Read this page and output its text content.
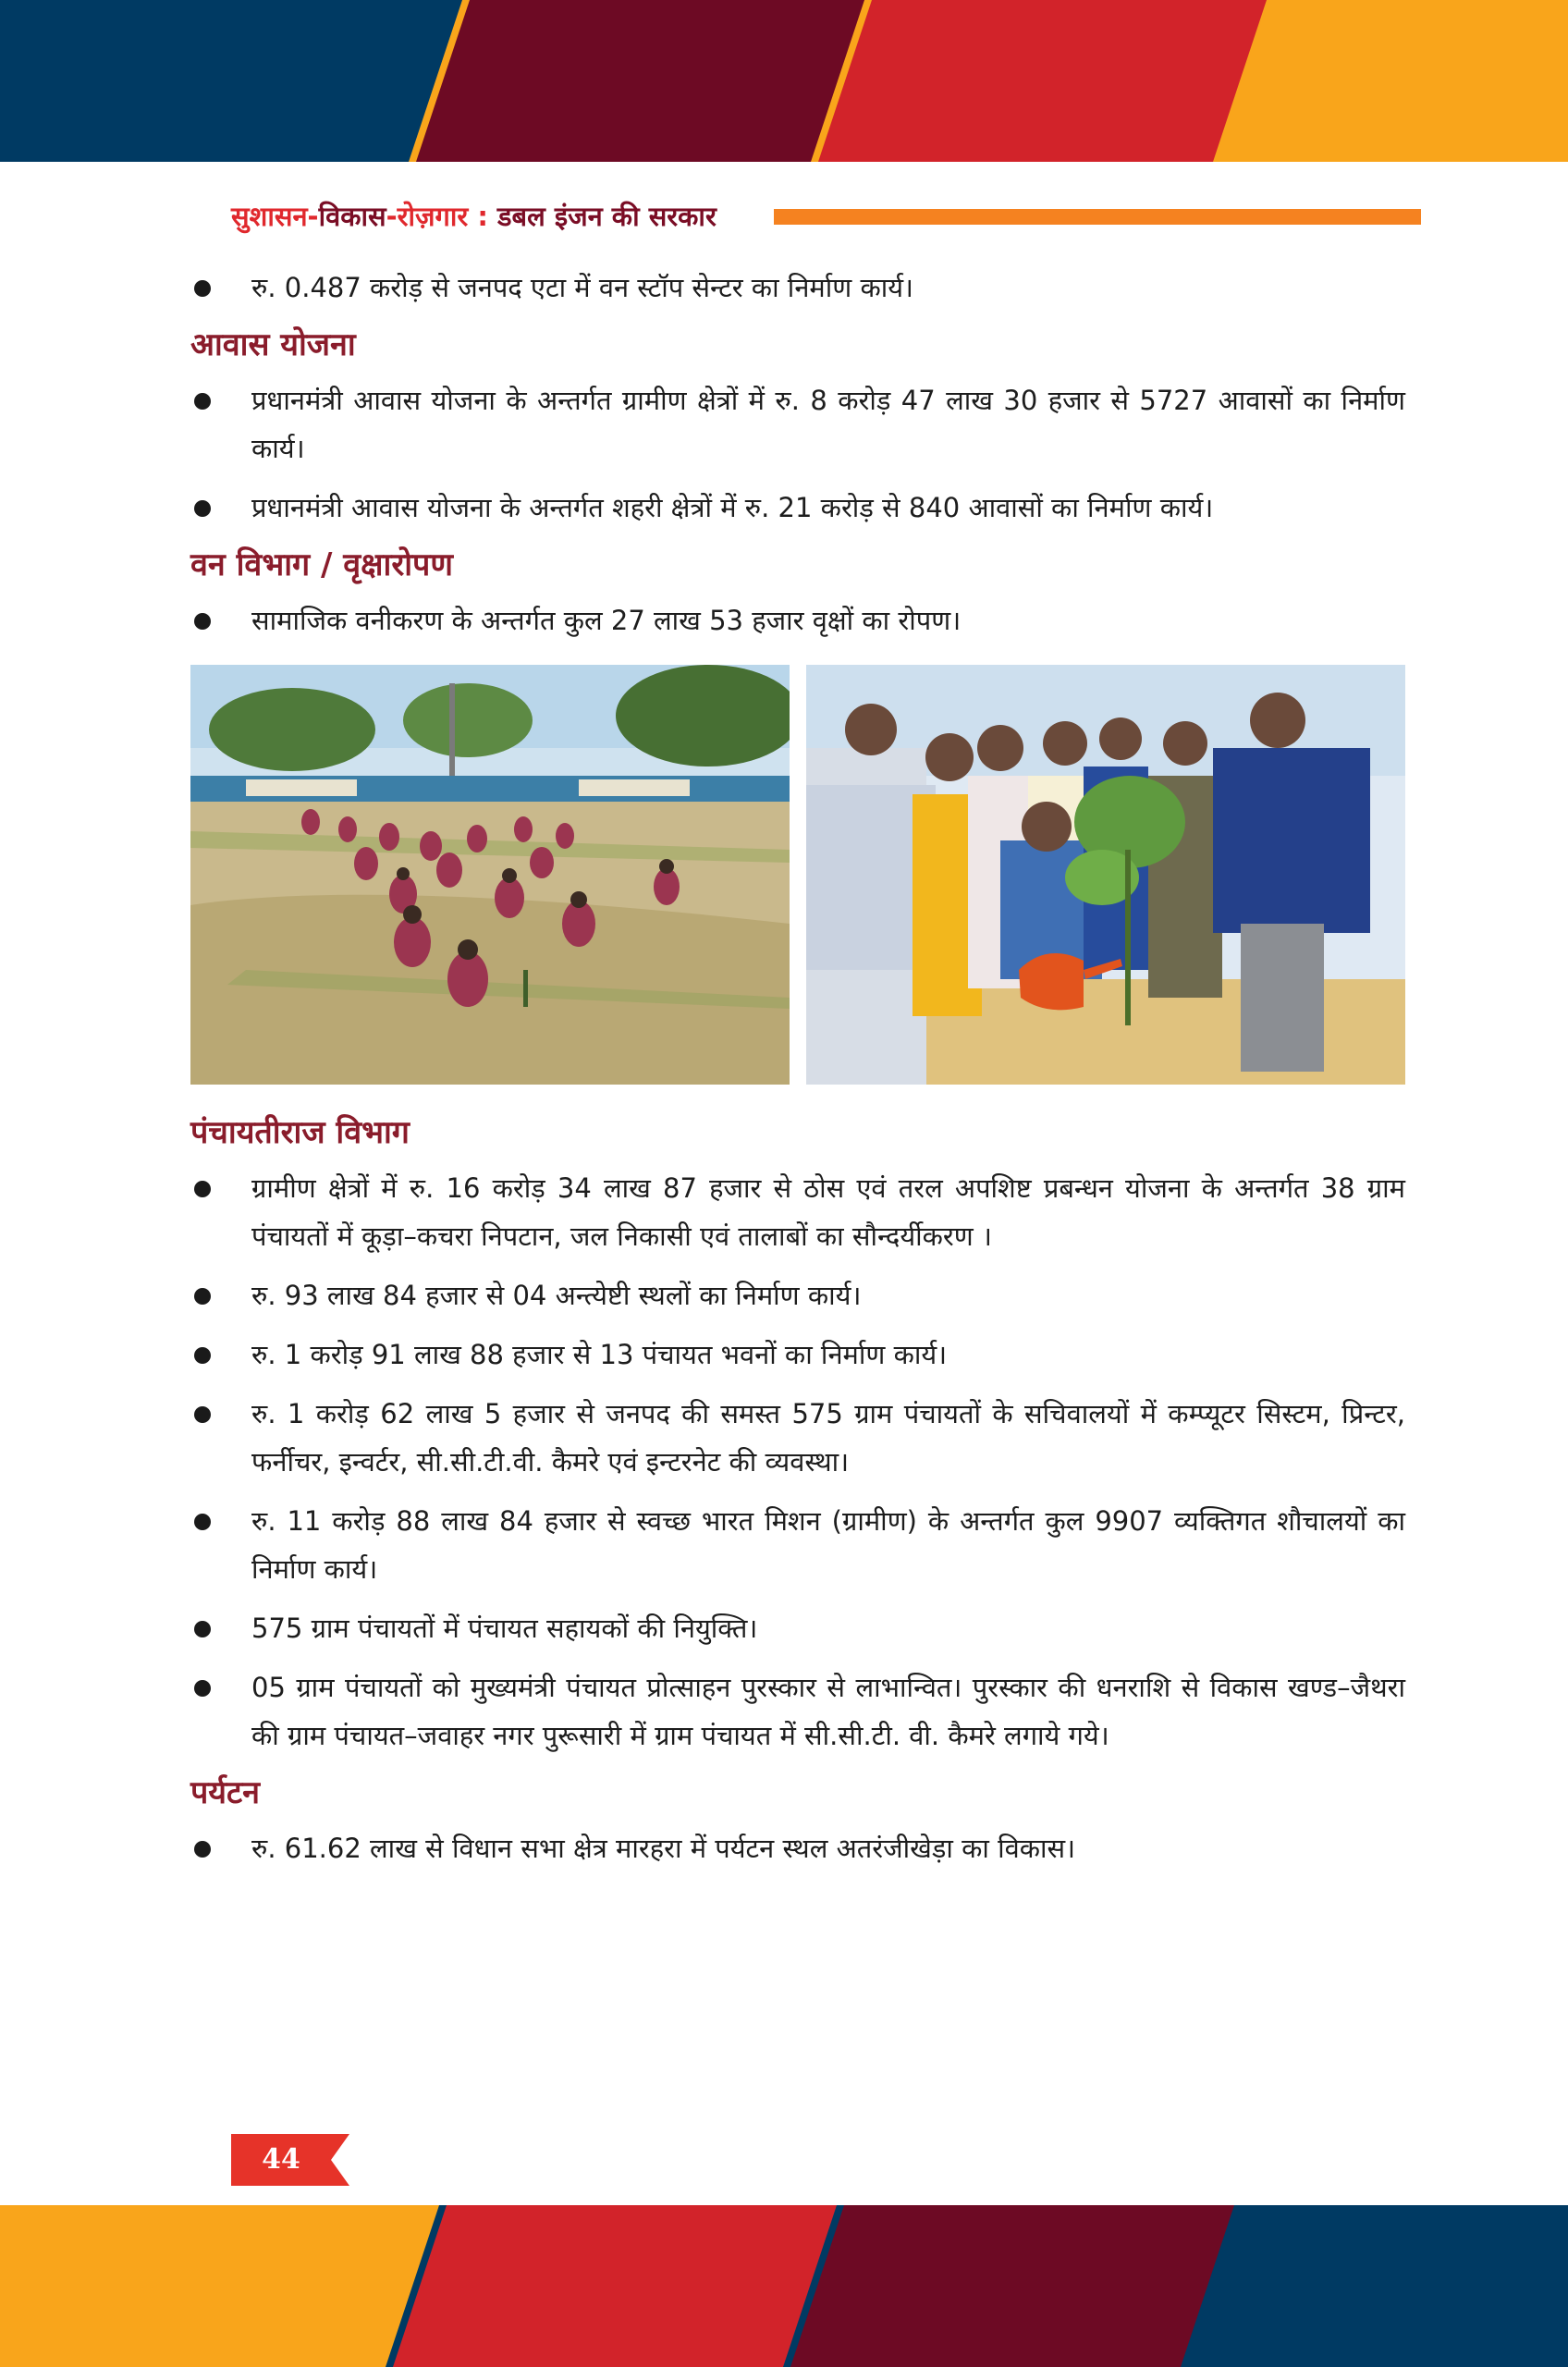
सुशासन-विकास-रोज़गार : डबल इंजन की सरकार
रु. 0.487 करोड़ से जनपद एटा में वन स्टॉप सेन्टर का निर्माण कार्य।
आवास योजना
प्रधानमंत्री आवास योजना के अन्तर्गत ग्रामीण क्षेत्रों में रु. 8 करोड़ 47 लाख 30 हजार से 5727 आवासों का निर्माण कार्य।
प्रधानमंत्री आवास योजना के अन्तर्गत शहरी क्षेत्रों में रु. 21 करोड़ से 840 आवासों का निर्माण कार्य।
वन विभाग / वृक्षारोपण
सामाजिक वनीकरण के अन्तर्गत कुल 27 लाख 53 हजार वृक्षों का रोपण।
पंचायतीराज विभाग
ग्रामीण क्षेत्रों में रु. 16 करोड़ 34 लाख 87 हजार से ठोस एवं तरल अपशिष्ट प्रबन्धन योजना के अन्तर्गत 38 ग्राम पंचायतों में कूड़ा–कचरा निपटान, जल निकासी एवं तालाबों का सौन्दर्यीकरण ।
रु. 93 लाख 84 हजार से 04 अन्त्येष्टी स्थलों का निर्माण कार्य।
रु. 1 करोड़ 91 लाख 88 हजार से 13 पंचायत भवनों का निर्माण कार्य।
रु. 1 करोड़ 62 लाख 5 हजार से जनपद की समस्त 575 ग्राम पंचायतों के सचिवालयों में कम्प्यूटर सिस्टम, प्रिन्टर, फर्नीचर, इन्वर्टर, सी.सी.टी.वी. कैमरे एवं इन्टरनेट की व्यवस्था।
रु. 11 करोड़ 88 लाख 84 हजार से स्वच्छ भारत मिशन (ग्रामीण) के अन्तर्गत कुल 9907 व्यक्तिगत शौचालयों का निर्माण कार्य।
575 ग्राम पंचायतों में पंचायत सहायकों की नियुक्ति।
05 ग्राम पंचायतों को मुख्यमंत्री पंचायत प्रोत्साहन पुरस्कार से लाभान्वित। पुरस्कार की धनराशि से विकास खण्ड–जैथरा की ग्राम पंचायत–जवाहर नगर पुरूसारी में ग्राम पंचायत में सी.सी.टी. वी. कैमरे लगाये गये।
पर्यटन
रु. 61.62 लाख से विधान सभा क्षेत्र मारहरा में पर्यटन स्थल अतरंजीखेड़ा का विकास।
44
